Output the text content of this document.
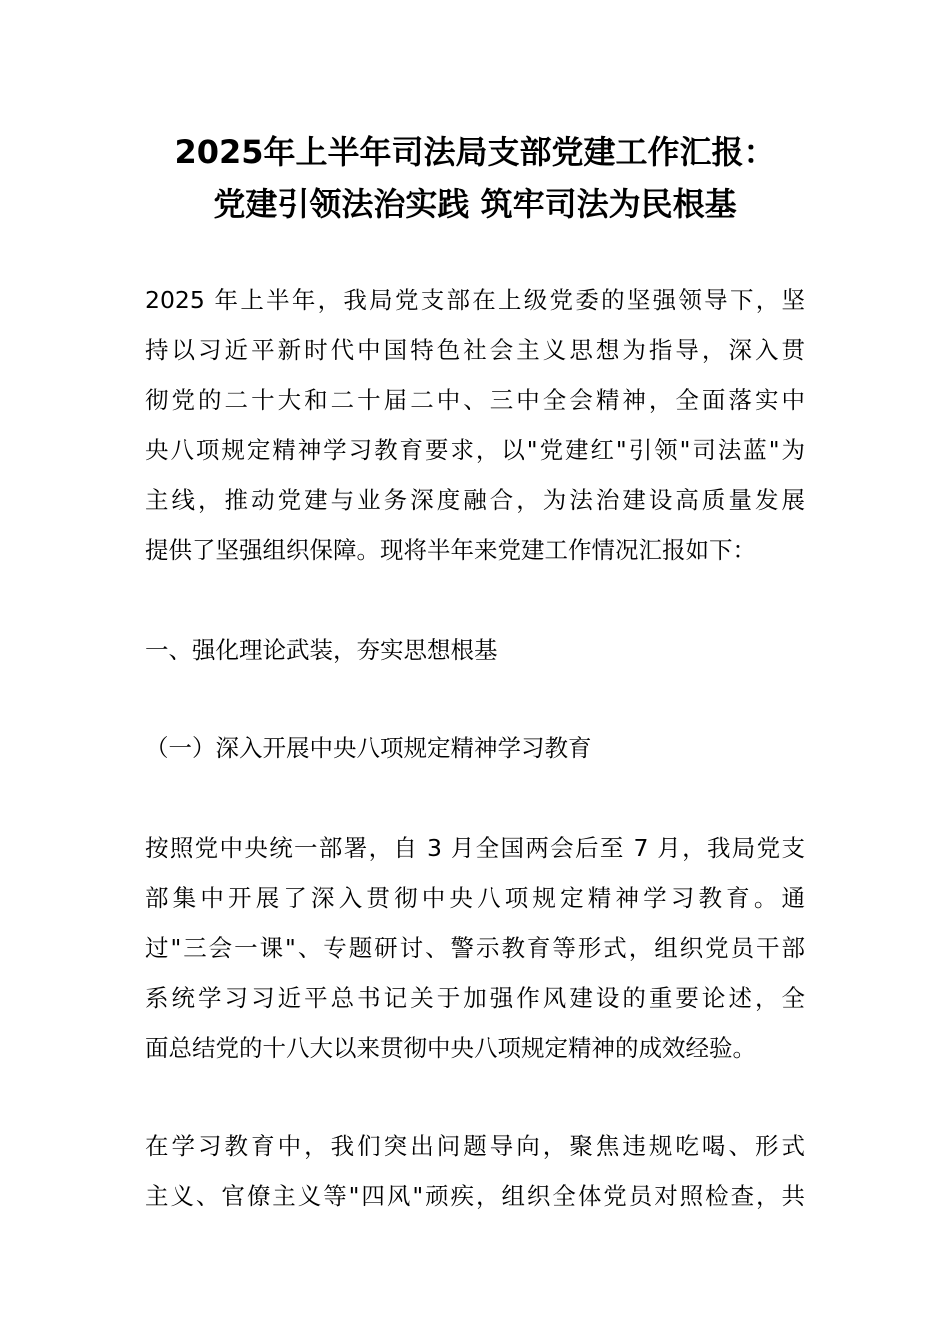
2025年上半年司法局支部党建工作汇报：
党建引领法治实践 筑牢司法为民根基
2025 年上半年，我局党支部在上级党委的坚强领导下，坚
持以习近平新时代中国特色社会主义思想为指导，深入贯
彻党的二十大和二十届二中、三中全会精神，全面落实中
央八项规定精神学习教育要求，以"党建红"引领"司法蓝"为
主线，推动党建与业务深度融合，为法治建设高质量发展
提供了坚强组织保障。现将半年来党建工作情况汇报如下：
一、强化理论武装，夯实思想根基
（一）深入开展中央八项规定精神学习教育
按照党中央统一部署，自 3 月全国两会后至 7 月，我局党支
部集中开展了深入贯彻中央八项规定精神学习教育。通
过"三会一课"、专题研讨、警示教育等形式，组织党员干部
系统学习习近平总书记关于加强作风建设的重要论述，全
面总结党的十八大以来贯彻中央八项规定精神的成效经验。
在学习教育中，我们突出问题导向，聚焦违规吃喝、形式
主义、官僚主义等"四风"顽疾，组织全体党员对照检查，共
